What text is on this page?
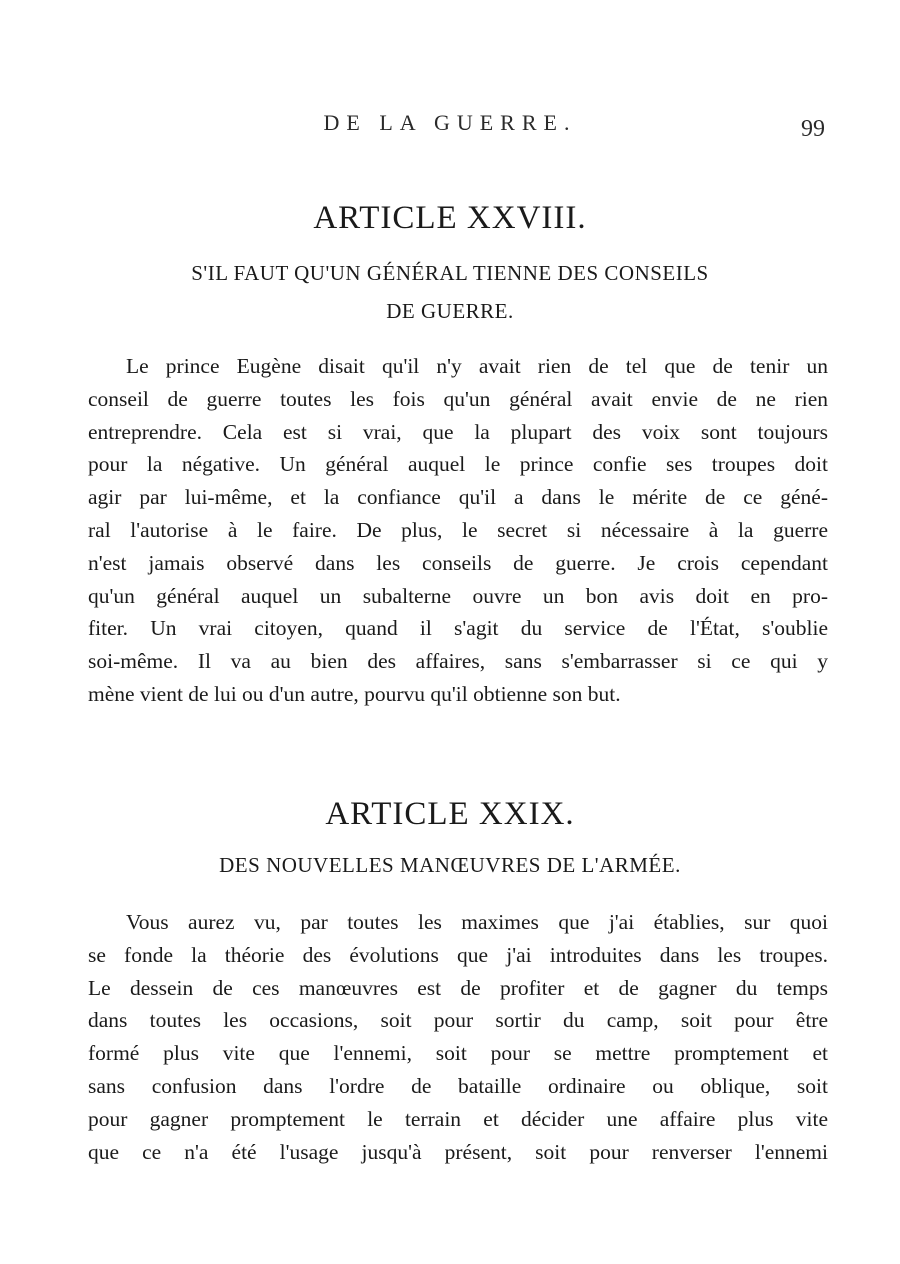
DE LA GUERRE.	99
ARTICLE XXVIII.
S'IL FAUT QU'UN GÉNÉRAL TIENNE DES CONSEILS
DE GUERRE.
Le prince Eugène disait qu'il n'y avait rien de tel que de tenir un
conseil de guerre toutes les fois qu'un général avait envie de ne rien
entreprendre. Cela est si vrai, que la plupart des voix sont toujours
pour la négative. Un général auquel le prince confie ses troupes doit
agir par lui-même, et la confiance qu'il a dans le mérite de ce géné-
ral l'autorise à le faire. De plus, le secret si nécessaire à la guerre
n'est jamais observé dans les conseils de guerre. Je crois cependant
qu'un général auquel un subalterne ouvre un bon avis doit en pro-
fiter. Un vrai citoyen, quand il s'agit du service de l'État, s'oublie
soi-même. Il va au bien des affaires, sans s'embarrasser si ce qui y
mène vient de lui ou d'un autre, pourvu qu'il obtienne son but.
ARTICLE XXIX.
DES NOUVELLES MANŒUVRES DE L'ARMÉE.
Vous aurez vu, par toutes les maximes que j'ai établies, sur quoi
se fonde la théorie des évolutions que j'ai introduites dans les troupes.
Le dessein de ces manœuvres est de profiter et de gagner du temps
dans toutes les occasions, soit pour sortir du camp, soit pour être
formé plus vite que l'ennemi, soit pour se mettre promptement et
sans confusion dans l'ordre de bataille ordinaire ou oblique, soit
pour gagner promptement le terrain et décider une affaire plus vite
que ce n'a été l'usage jusqu'à présent, soit pour renverser l'ennemi
